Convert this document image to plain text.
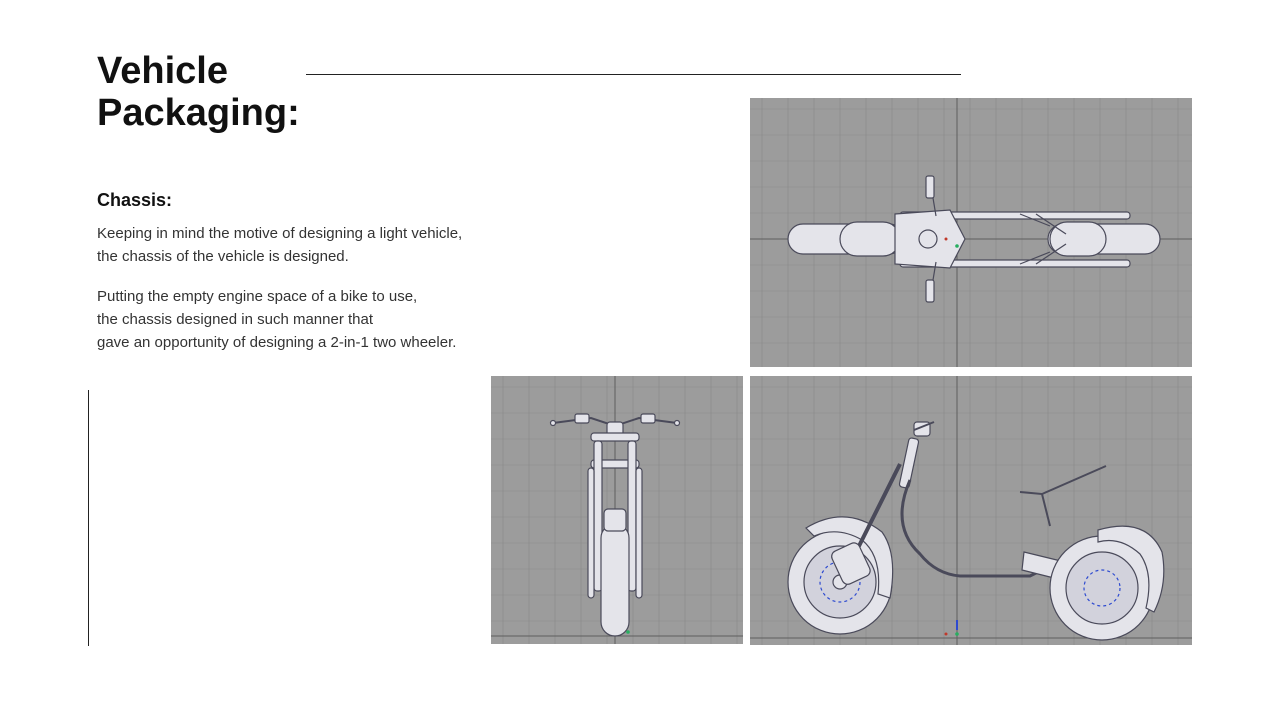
Vehicle
Packaging:
Chassis:

Keeping in mind the motive of designing a light vehicle,
the chassis of the vehicle is designed.

Putting the empty engine space of a bike to use,
the chassis designed in such manner that
gave an opportunity of designing a 2-in-1 two wheeler.
